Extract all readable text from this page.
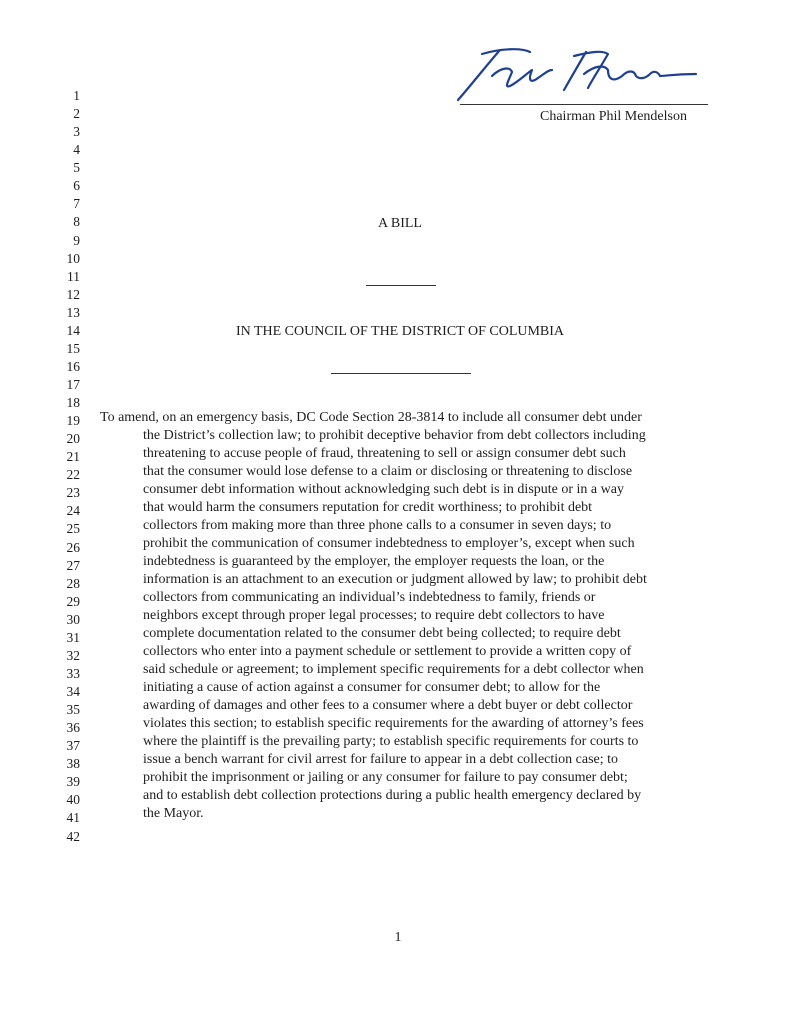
1
2
3
4
5
6
7
8
9
10
11
12
13
14
15
16
17
18
19
20
21
22
23
24
25
26
27
28
29
30
31
32
33
34
35
36
37
38
39
40
41
42
Chairman Phil Mendelson
A BILL
IN THE COUNCIL OF THE DISTRICT OF COLUMBIA
To amend, on an emergency basis, DC Code Section 28-3814 to include all consumer debt under
the District’s collection law; to prohibit deceptive behavior from debt collectors including
threatening to accuse people of fraud, threatening to sell or assign consumer debt such
that the consumer would lose defense to a claim or disclosing or threatening to disclose
consumer debt information without acknowledging such debt is in dispute or in a way
that would harm the consumers reputation for credit worthiness; to prohibit debt
collectors from making more than three phone calls to a consumer in seven days; to
prohibit the communication of consumer indebtedness to employer’s, except when such
indebtedness is guaranteed by the employer, the employer requests the loan, or the
information is an attachment to an execution or judgment allowed by law; to prohibit debt
collectors from communicating an individual’s indebtedness to family, friends or
neighbors except through proper legal processes; to require debt collectors to have
complete documentation related to the consumer debt being collected; to require debt
collectors who enter into a payment schedule or settlement to provide a written copy of
said schedule or agreement; to implement specific requirements for a debt collector when
initiating a cause of action against a consumer for consumer debt; to allow for the
awarding of damages and other fees to a consumer where a debt buyer or debt collector
violates this section; to establish specific requirements for the awarding of attorney’s fees
where the plaintiff is the prevailing party; to establish specific requirements for courts to
issue a bench warrant for civil arrest for failure to appear in a debt collection case; to
prohibit the imprisonment or jailing or any consumer for failure to pay consumer debt;
and to establish debt collection protections during a public health emergency declared by
the Mayor.
1
